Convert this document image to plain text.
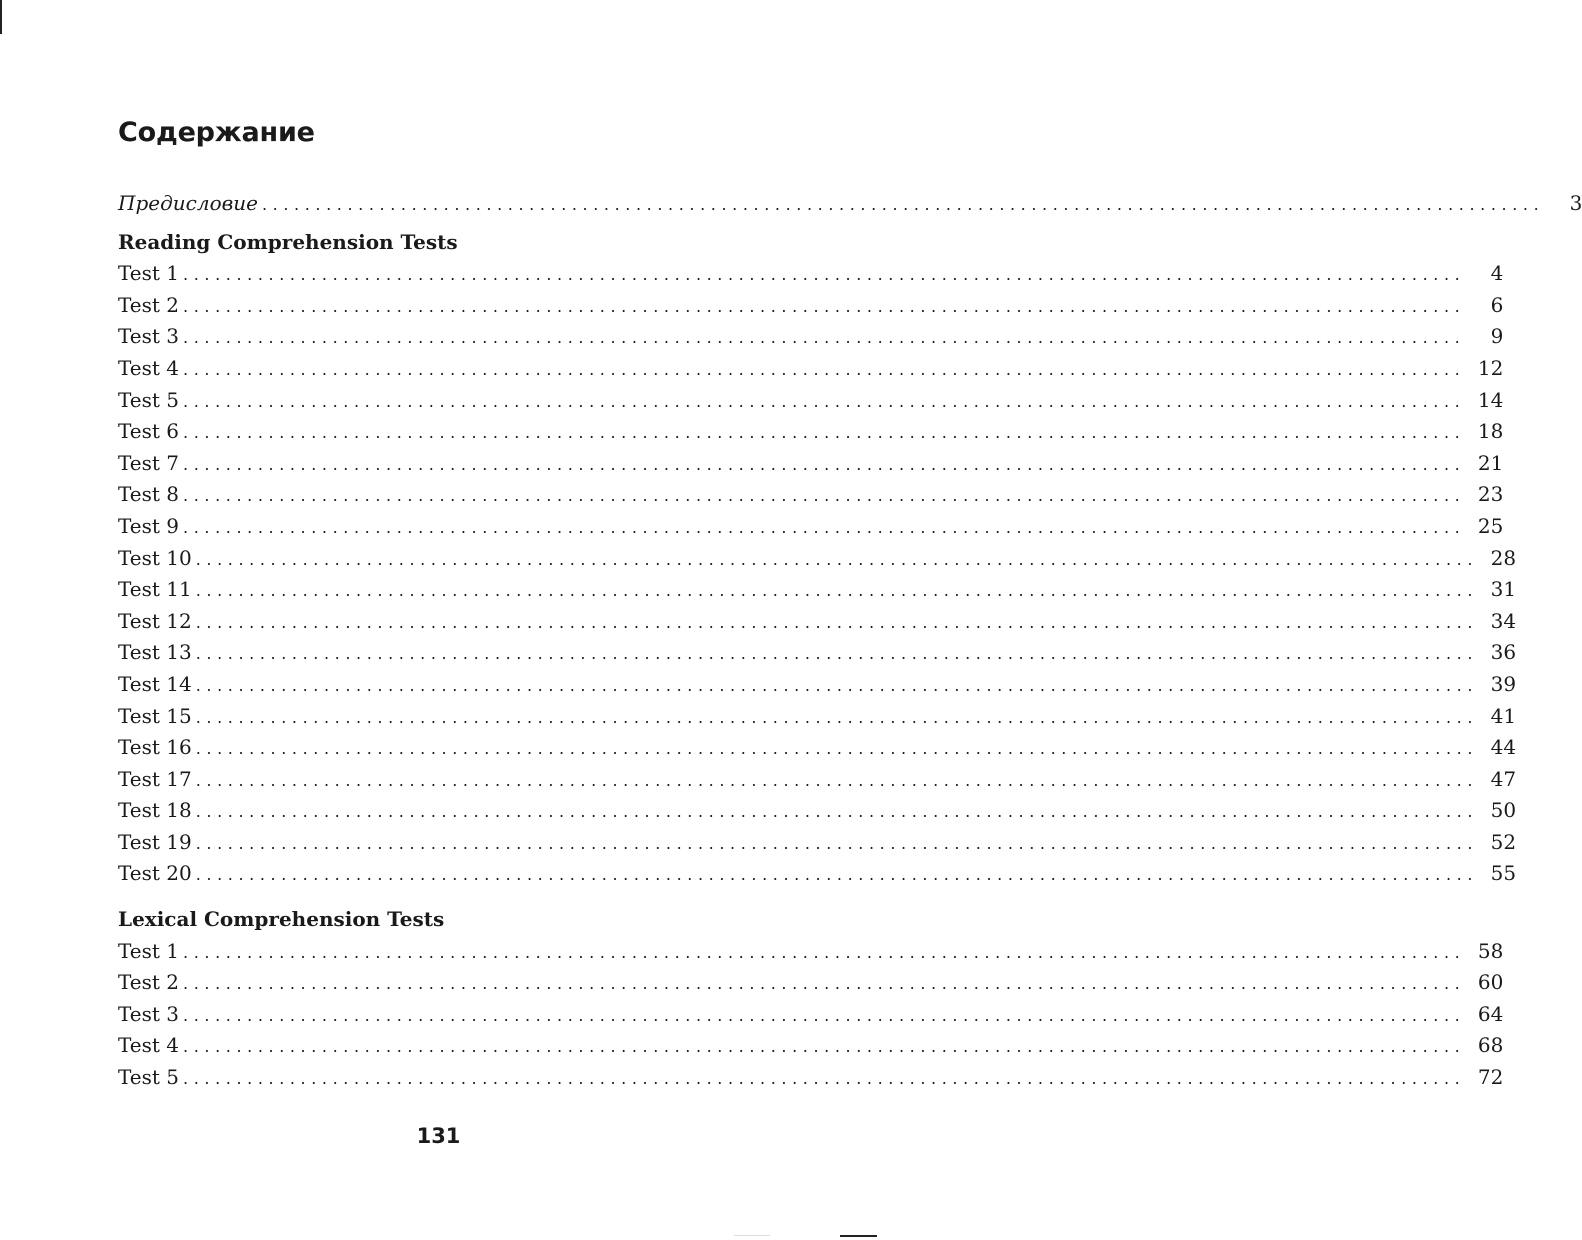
Содержание
Предисловие ........................................................................................................................	3
Reading Comprehension Tests
Test 1 ........................................................................................................................	4
Test 2 ........................................................................................................................	6
Test 3 ........................................................................................................................	9
Test 4 ........................................................................................................................ 12
Test 5 ........................................................................................................................ 14
Test 6 ........................................................................................................................ 18
Test 7 ........................................................................................................................ 21
Test 8 ........................................................................................................................ 23
Test 9 ........................................................................................................................ 25
Test 10 ........................................................................................................................ 28
Test 11 ........................................................................................................................ 31
Test 12 ........................................................................................................................ 34
Test 13 ........................................................................................................................ 36
Test 14 ........................................................................................................................ 39
Test 15 ........................................................................................................................ 41
Test 16 ........................................................................................................................ 44
Test 17 ........................................................................................................................ 47
Test 18 ........................................................................................................................ 50
Test 19 ........................................................................................................................ 52
Test 20 ........................................................................................................................ 55
Lexical Comprehension Tests
Test 1 ........................................................................................................................ 58
Test 2 ........................................................................................................................ 60
Test 3 ........................................................................................................................ 64
Test 4 ........................................................................................................................ 68
Test 5 ........................................................................................................................ 72
131
